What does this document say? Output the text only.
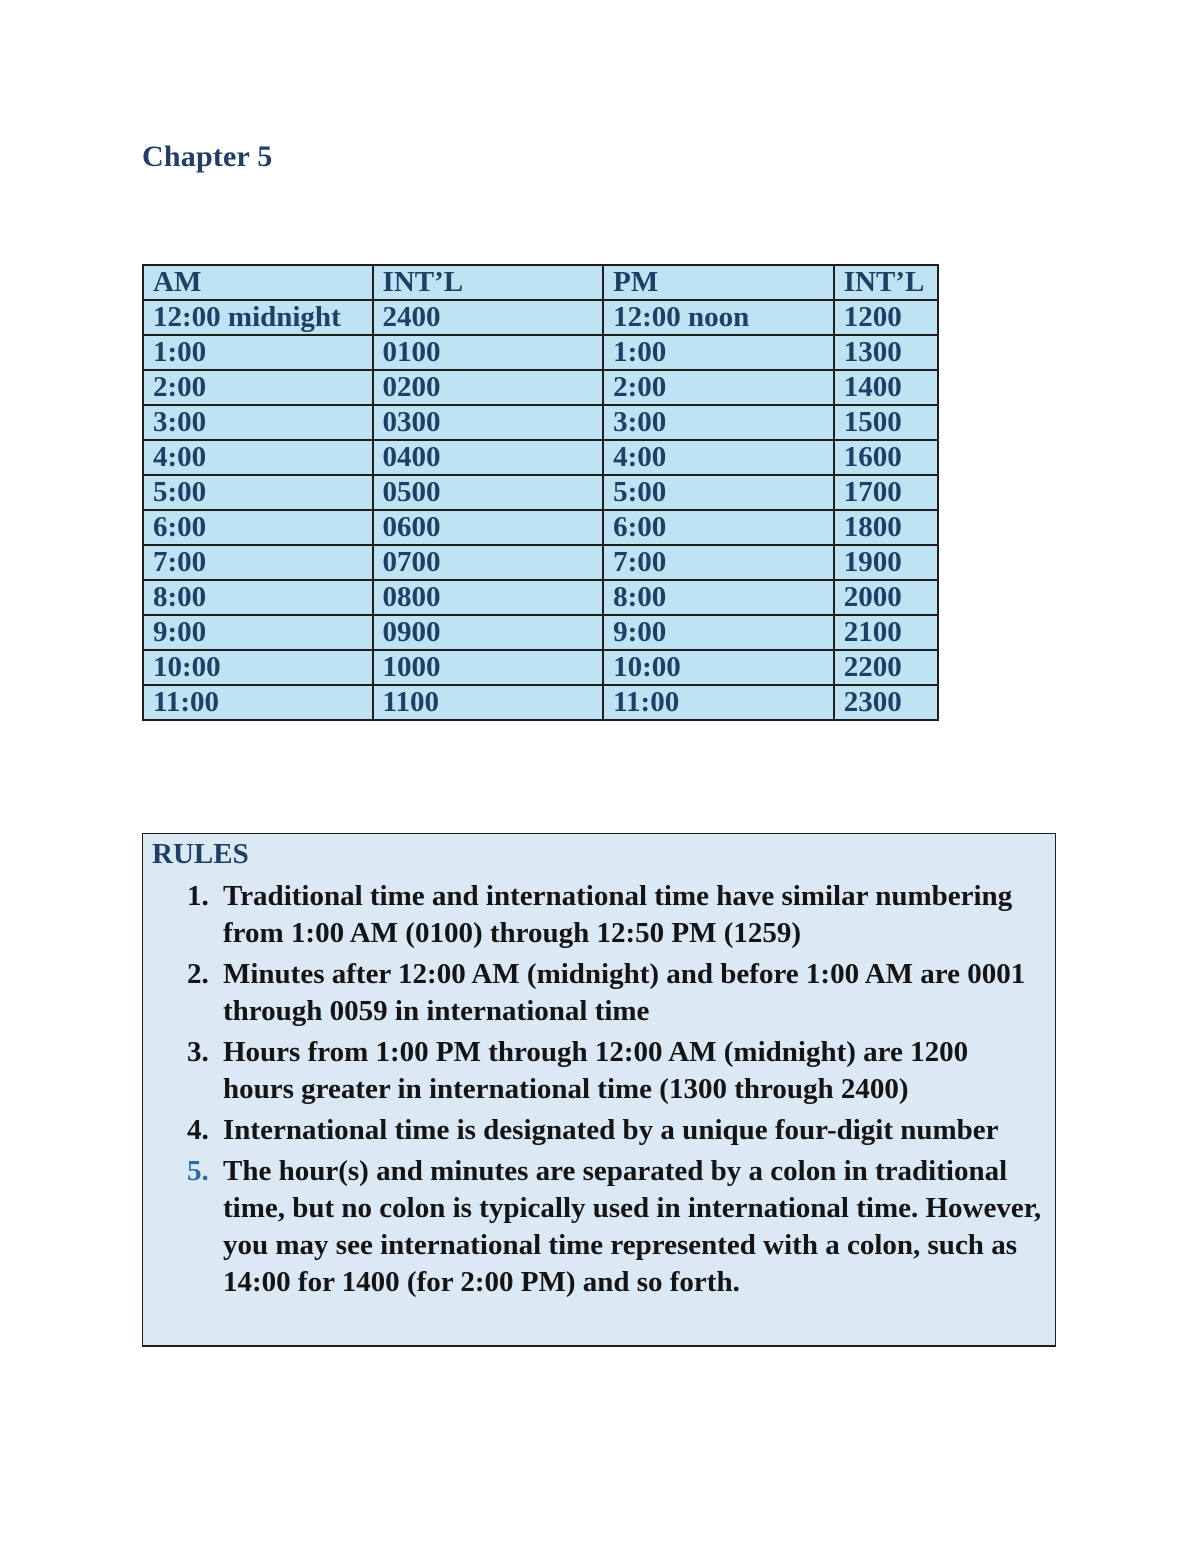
Chapter 5
AM	INT’L	PM	INT’L
12:00 midnight	2400	12:00 noon	1200
1:00	0100	1:00	1300
2:00	0200	2:00	1400
3:00	0300	3:00	1500
4:00	0400	4:00	1600
5:00	0500	5:00	1700
6:00	0600	6:00	1800
7:00	0700	7:00	1900
8:00	0800	8:00	2000
9:00	0900	9:00	2100
10:00	1000	10:00	2200
11:00	1100	11:00	2300
RULES
1. Traditional time and international time have similar numbering from 1:00 AM (0100) through 12:50 PM (1259)
2. Minutes after 12:00 AM (midnight) and before 1:00 AM are 0001 through 0059 in international time
3. Hours from 1:00 PM through 12:00 AM (midnight) are 1200 hours greater in international time (1300 through 2400)
4. International time is designated by a unique four-digit number
5. The hour(s) and minutes are separated by a colon in traditional time, but no colon is typically used in international time. However, you may see international time represented with a colon, such as 14:00 for 1400 (for 2:00 PM) and so forth.
